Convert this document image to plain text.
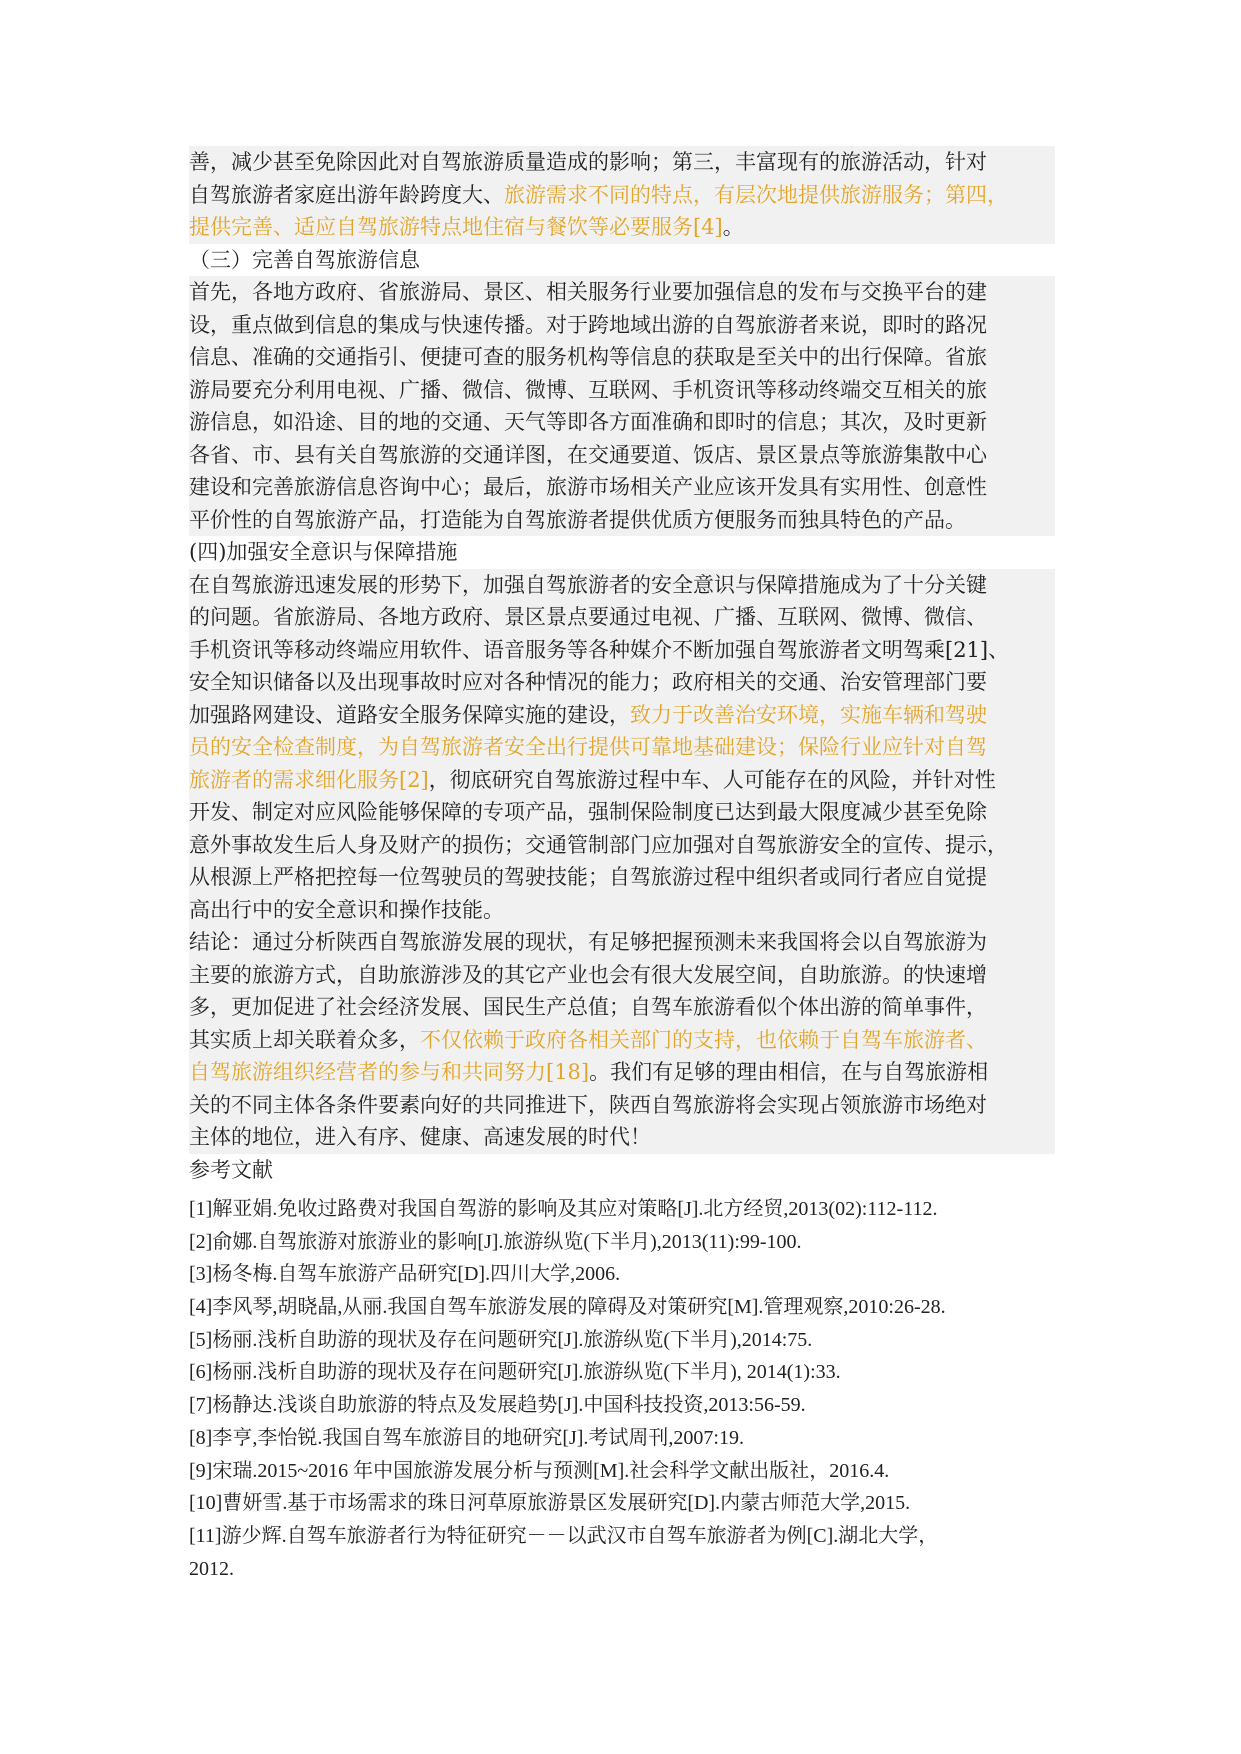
善，减少甚至免除因此对自驾旅游质量造成的影响；第三，丰富现有的旅游活动，针对
自驾旅游者家庭出游年龄跨度大、旅游需求不同的特点，有层次地提供旅游服务；第四，
提供完善、适应自驾旅游特点地住宿与餐饮等必要服务[4]。
（三）完善自驾旅游信息
首先，各地方政府、省旅游局、景区、相关服务行业要加强信息的发布与交换平台的建
设，重点做到信息的集成与快速传播。对于跨地域出游的自驾旅游者来说，即时的路况
信息、准确的交通指引、便捷可查的服务机构等信息的获取是至关中的出行保障。省旅
游局要充分利用电视、广播、微信、微博、互联网、手机资讯等移动终端交互相关的旅
游信息，如沿途、目的地的交通、天气等即各方面准确和即时的信息；其次，及时更新
各省、市、县有关自驾旅游的交通详图，在交通要道、饭店、景区景点等旅游集散中心
建设和完善旅游信息咨询中心；最后，旅游市场相关产业应该开发具有实用性、创意性
平价性的自驾旅游产品，打造能为自驾旅游者提供优质方便服务而独具特色的产品。
(四)加强安全意识与保障措施
在自驾旅游迅速发展的形势下，加强自驾旅游者的安全意识与保障措施成为了十分关键
的问题。省旅游局、各地方政府、景区景点要通过电视、广播、互联网、微博、微信、
手机资讯等移动终端应用软件、语音服务等各种媒介不断加强自驾旅游者文明驾乘[21]、
安全知识储备以及出现事故时应对各种情况的能力；政府相关的交通、治安管理部门要
加强路网建设、道路安全服务保障实施的建设，致力于改善治安环境，实施车辆和驾驶
员的安全检查制度，为自驾旅游者安全出行提供可靠地基础建设；保险行业应针对自驾
旅游者的需求细化服务[2]，彻底研究自驾旅游过程中车、人可能存在的风险，并针对性
开发、制定对应风险能够保障的专项产品，强制保险制度已达到最大限度减少甚至免除
意外事故发生后人身及财产的损伤；交通管制部门应加强对自驾旅游安全的宣传、提示，
从根源上严格把控每一位驾驶员的驾驶技能；自驾旅游过程中组织者或同行者应自觉提
高出行中的安全意识和操作技能。
结论：通过分析陕西自驾旅游发展的现状，有足够把握预测未来我国将会以自驾旅游为
主要的旅游方式，自助旅游涉及的其它产业也会有很大发展空间，自助旅游。的快速增
多，更加促进了社会经济发展、国民生产总值；自驾车旅游看似个体出游的简单事件，
其实质上却关联着众多，不仅依赖于政府各相关部门的支持，也依赖于自驾车旅游者、
自驾旅游组织经营者的参与和共同努力[18]。我们有足够的理由相信，在与自驾旅游相
关的不同主体各条件要素向好的共同推进下，陕西自驾旅游将会实现占领旅游市场绝对
主体的地位，进入有序、健康、高速发展的时代！
参考文献
[1]解亚娟.免收过路费对我国自驾游的影响及其应对策略[J].北方经贸,2013(02):112-112.
[2]俞娜.自驾旅游对旅游业的影响[J].旅游纵览(下半月),2013(11):99-100.
[3]杨冬梅.自驾车旅游产品研究[D].四川大学,2006.
[4]李风琴,胡晓晶,从丽.我国自驾车旅游发展的障碍及对策研究[M].管理观察,2010:26-28.
[5]杨丽.浅析自助游的现状及存在问题研究[J].旅游纵览(下半月),2014:75.
[6]杨丽.浅析自助游的现状及存在问题研究[J].旅游纵览(下半月), 2014(1):33.
[7]杨静达.浅谈自助旅游的特点及发展趋势[J].中国科技投资,2013:56-59.
[8]李亨,李怡锐.我国自驾车旅游目的地研究[J].考试周刊,2007:19.
[9]宋瑞.2015~2016 年中国旅游发展分析与预测[M].社会科学文献出版社，2016.4.
[10]曹妍雪.基于市场需求的珠日河草原旅游景区发展研究[D].内蒙古师范大学,2015.
[11]游少辉.自驾车旅游者行为特征研究－－以武汉市自驾车旅游者为例[C].湖北大学，
2012.
